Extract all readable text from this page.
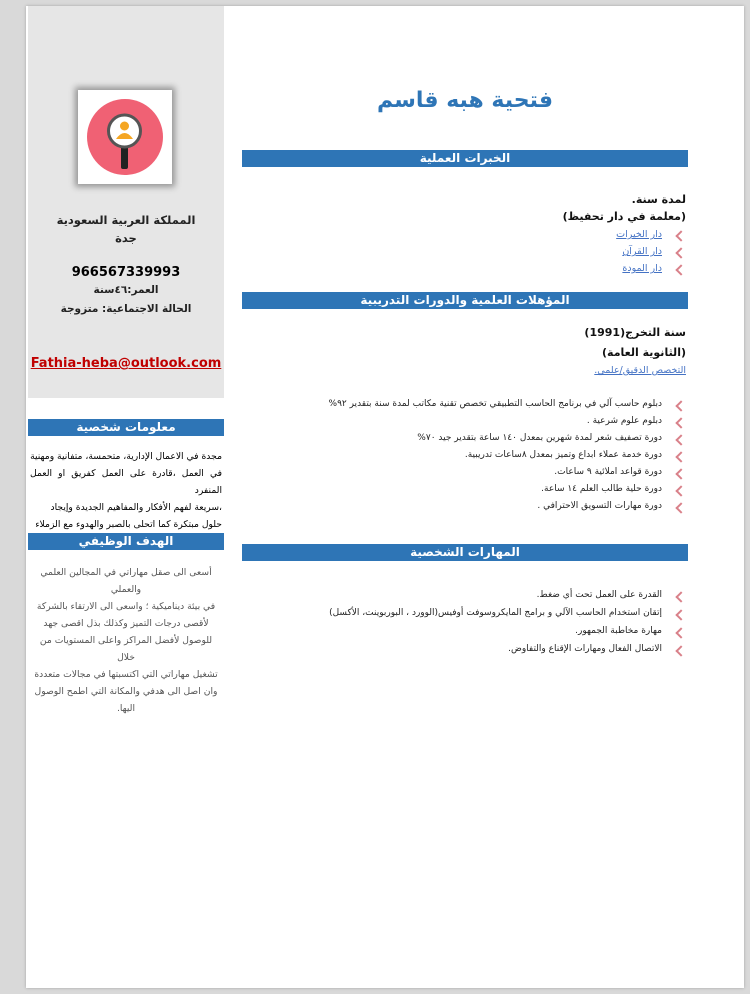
المملكة العربية السعودية
جدة
966567339993
العمر:٤٦سنة
الحالة الاجتماعية: متزوجة
Fathia-heba@outlook.com
معلومات شخصية
مجدة في الاعمال الإدارية، متحمسة، متفانية ومهنية
في العمل ،قادرة على العمل كفريق او العمل المنفرد
،سريعة لفهم الأفكار والمفاهيم الجديدة وإيجاد
حلول مبتكرة كما اتحلى بالصبر والهدوء مع الزملاء
الهدف الوظيفي
أسعى الى صقل مهاراتي في المجالين العلمي والعملي
في بيئة ديناميكية ؛ واسعى الى الارتقاء بالشركة
لأقصى درجات التميز وكذلك بذل اقصى جهد
للوصول لأفضل المراكز واعلى المستويات من خلال
تشغيل مهاراتي التي اكتسبتها في مجالات متعددة
وان اصل الى هدفي والمكانة التي اطمح الوصول
اليها.
فتحية هبه قاسم
الخبرات العملية
لمدة سنة.
(معلمة في دار تحفيظ)
دار الخيرات
دار القرآن
دار المودة
المؤهلات العلمية والدورات التدريبية
سنة التخرج(1991)
(الثانوية العامة)
التخصص الدقيق/علمي.
دبلوم حاسب آلي في برنامج الحاسب التطبيقي تخصص تقنية مكاتب لمدة سنة بتقدير ٩٢%
دبلوم علوم شرعية .
دورة تصفيف شعر لمدة شهرين بمعدل ١٤٠ ساعة بتقدير جيد ٧٠%
دورة خدمة عملاء ابداع وتميز بمعدل ٨ساعات تدريبية.
دورة قواعد املائية ٩ ساعات.
دورة حلية طالب العلم ١٤ ساعة.
دورة مهارات التسويق الاحترافي .
المهارات الشخصية
القدرة على العمل تحت أي ضغط.
إتقان استخدام الحاسب الآلي و برامج المايكروسوفت أوفيس(الوورد ، البوربوينت، الأكسل)
مهارة مخاطبة الجمهور.
الاتصال الفعال ومهارات الإقناع والتفاوض.
